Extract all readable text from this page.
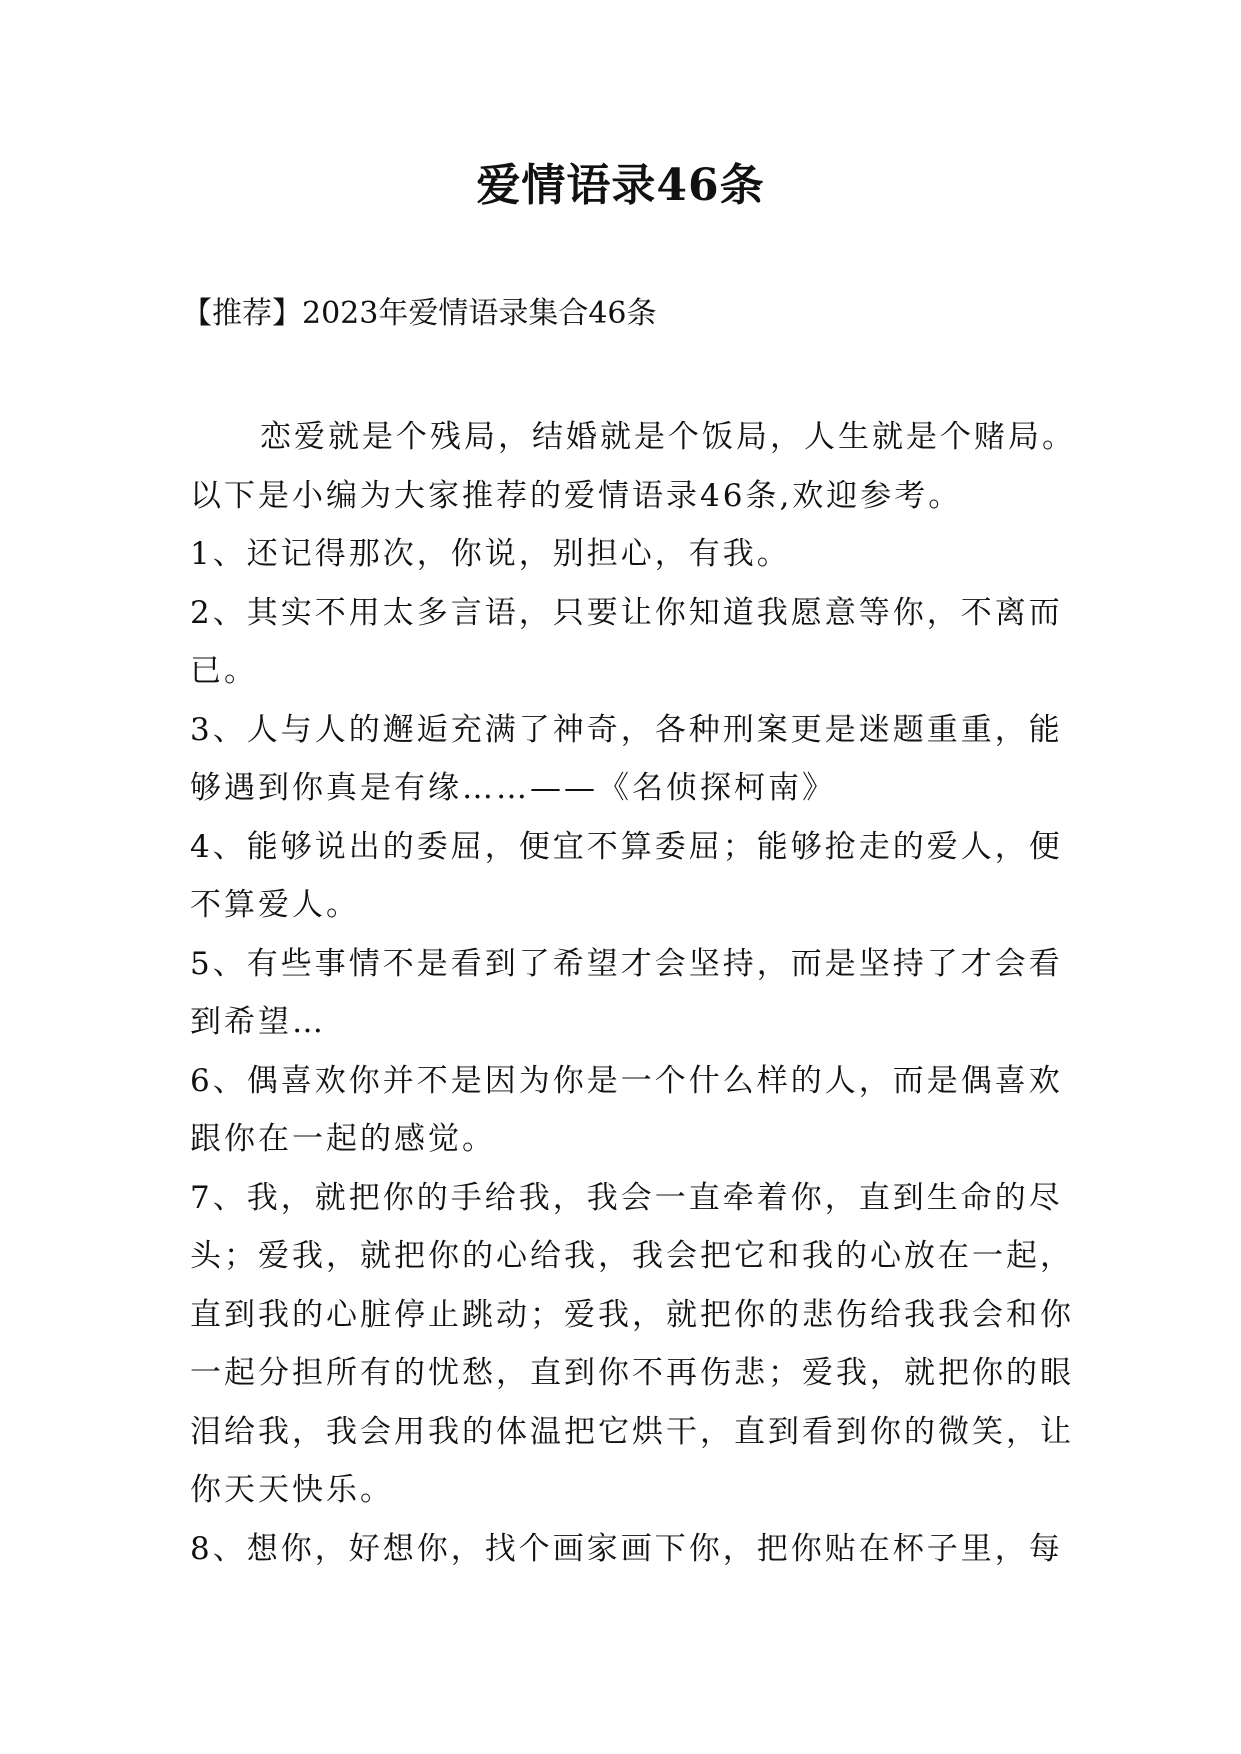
爱情语录46条
【推荐】2023年爱情语录集合46条
恋爱就是个残局，结婚就是个饭局，人生就是个赌局。
以下是小编为大家推荐的爱情语录46条,欢迎参考。
1、还记得那次，你说，别担心，有我。
2、其实不用太多言语，只要让你知道我愿意等你，不离而
已。
3、人与人的邂逅充满了神奇，各种刑案更是迷题重重，能
够遇到你真是有缘……——《名侦探柯南》
4、能够说出的委屈，便宜不算委屈；能够抢走的爱人，便
不算爱人。
5、有些事情不是看到了希望才会坚持，而是坚持了才会看
到希望…
6、偶喜欢你并不是因为你是一个什么样的人，而是偶喜欢
跟你在一起的感觉。
7、我，就把你的手给我，我会一直牵着你，直到生命的尽
头；爱我，就把你的心给我，我会把它和我的心放在一起，
直到我的心脏停止跳动；爱我，就把你的悲伤给我我会和你
一起分担所有的忧愁，直到你不再伤悲；爱我，就把你的眼
泪给我，我会用我的体温把它烘干，直到看到你的微笑，让
你天天快乐。
8、想你，好想你，找个画家画下你，把你贴在杯子里，每
